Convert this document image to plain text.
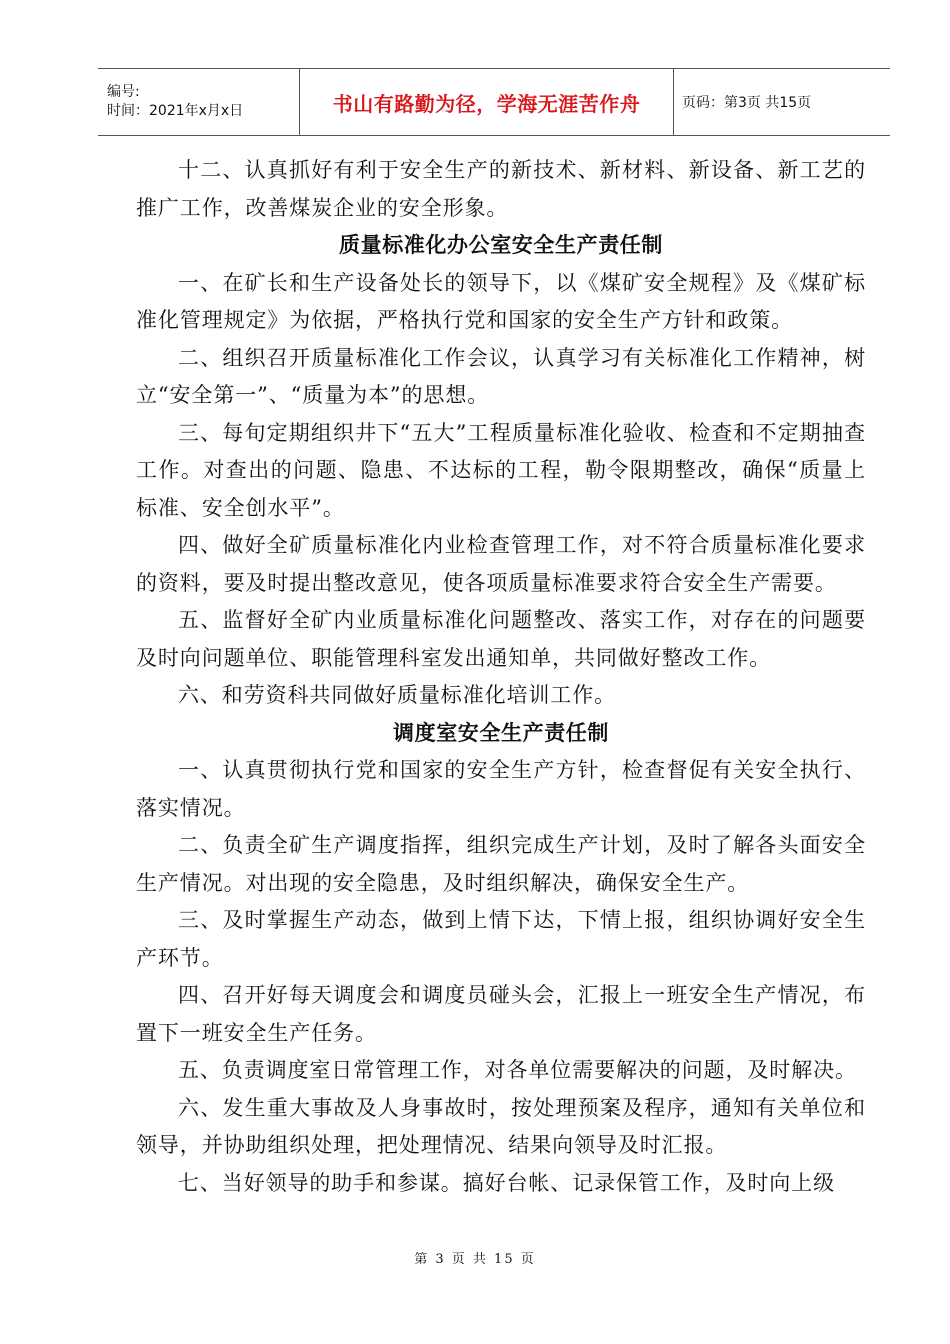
编号:
时间：2021年x月x日	书山有路勤为径，学海无涯苦作舟	页码：第3页 共15页

十二、认真抓好有利于安全生产的新技术、新材料、新设备、新工艺的推广工作，改善煤炭企业的安全形象。

质量标准化办公室安全生产责任制

一、在矿长和生产设备处长的领导下，以《煤矿安全规程》及《煤矿标准化管理规定》为依据，严格执行党和国家的安全生产方针和政策。

二、组织召开质量标准化工作会议，认真学习有关标准化工作精神，树立“安全第一”、“质量为本”的思想。

三、每旬定期组织井下“五大”工程质量标准化验收、检查和不定期抽查工作。对查出的问题、隐患、不达标的工程，勒令限期整改，确保“质量上标准、安全创水平”。

四、做好全矿质量标准化内业检查管理工作，对不符合质量标准化要求的资料，要及时提出整改意见，使各项质量标准要求符合安全生产需要。

五、监督好全矿内业质量标准化问题整改、落实工作，对存在的问题要及时向问题单位、职能管理科室发出通知单，共同做好整改工作。

六、和劳资科共同做好质量标准化培训工作。

调度室安全生产责任制

一、认真贯彻执行党和国家的安全生产方针，检查督促有关安全执行、落实情况。

二、负责全矿生产调度指挥，组织完成生产计划，及时了解各头面安全生产情况。对出现的安全隐患，及时组织解决，确保安全生产。

三、及时掌握生产动态，做到上情下达，下情上报，组织协调好安全生产环节。

四、召开好每天调度会和调度员碰头会，汇报上一班安全生产情况，布置下一班安全生产任务。

五、负责调度室日常管理工作，对各单位需要解决的问题，及时解决。

六、发生重大事故及人身事故时，按处理预案及程序，通知有关单位和领导，并协助组织处理，把处理情况、结果向领导及时汇报。

七、当好领导的助手和参谋。搞好台帐、记录保管工作，及时向上级

第 3 页 共 15 页
